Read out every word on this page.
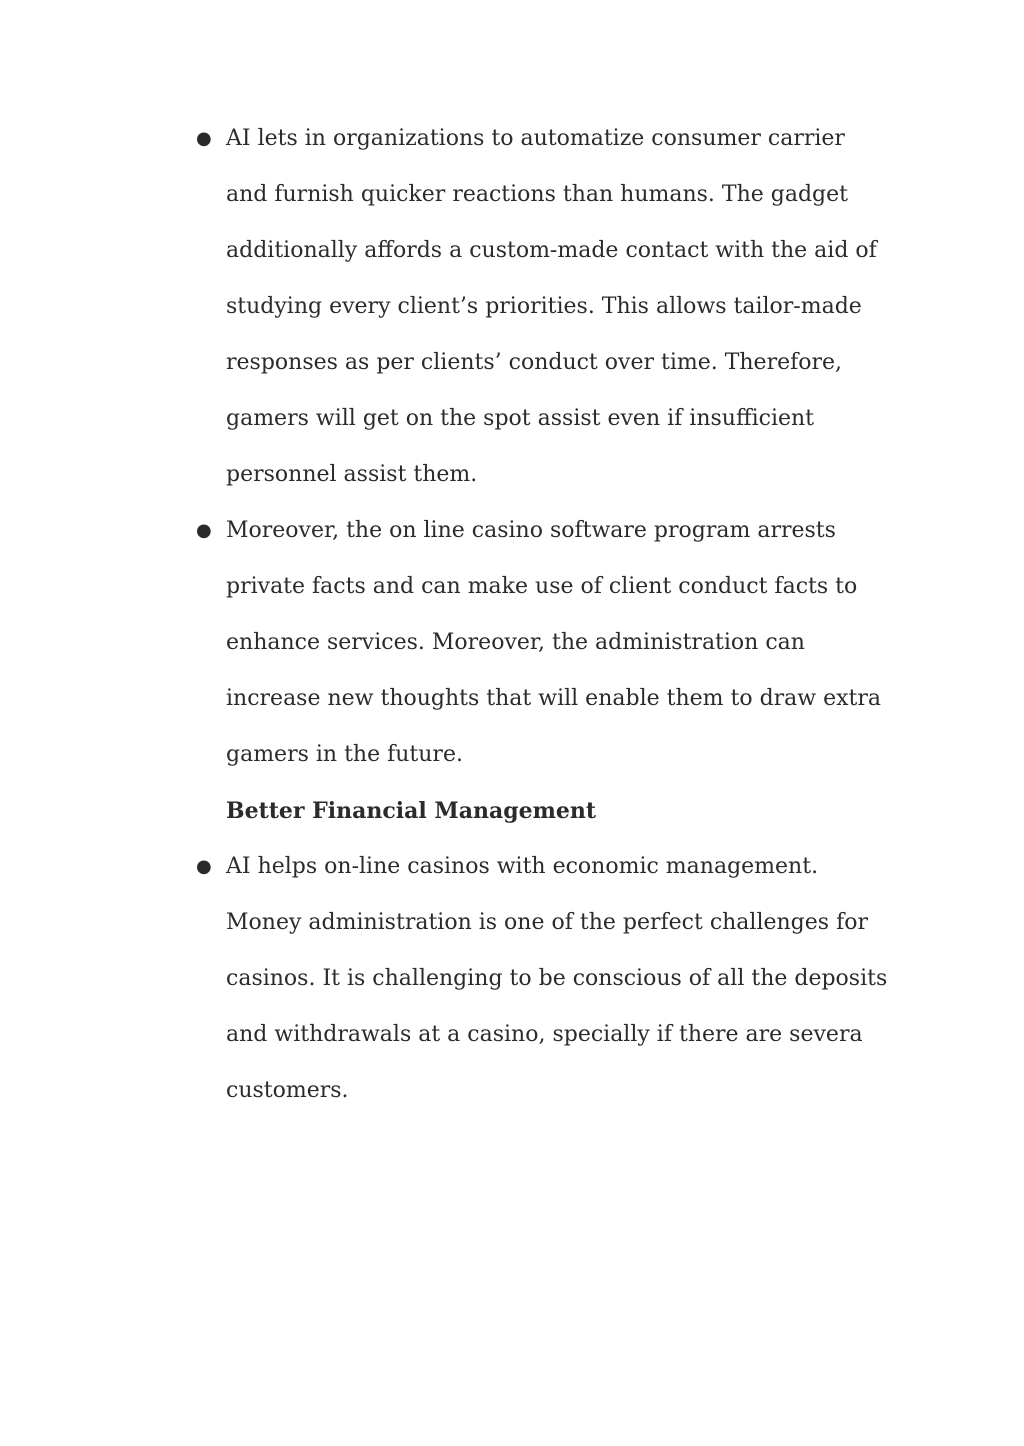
● AI lets in organizations to automatize consumer carrier
and furnish quicker reactions than humans. The gadget
additionally affords a custom-made contact with the aid of
studying every client’s priorities. This allows tailor-made
responses as per clients’ conduct over time. Therefore,
gamers will get on the spot assist even if insufficient
personnel assist them.
● Moreover, the on line casino software program arrests
private facts and can make use of client conduct facts to
enhance services. Moreover, the administration can
increase new thoughts that will enable them to draw extra
gamers in the future.
Better Financial Management
● AI helps on-line casinos with economic management.
Money administration is one of the perfect challenges for
casinos. It is challenging to be conscious of all the deposits
and withdrawals at a casino, specially if there are severa
customers.
